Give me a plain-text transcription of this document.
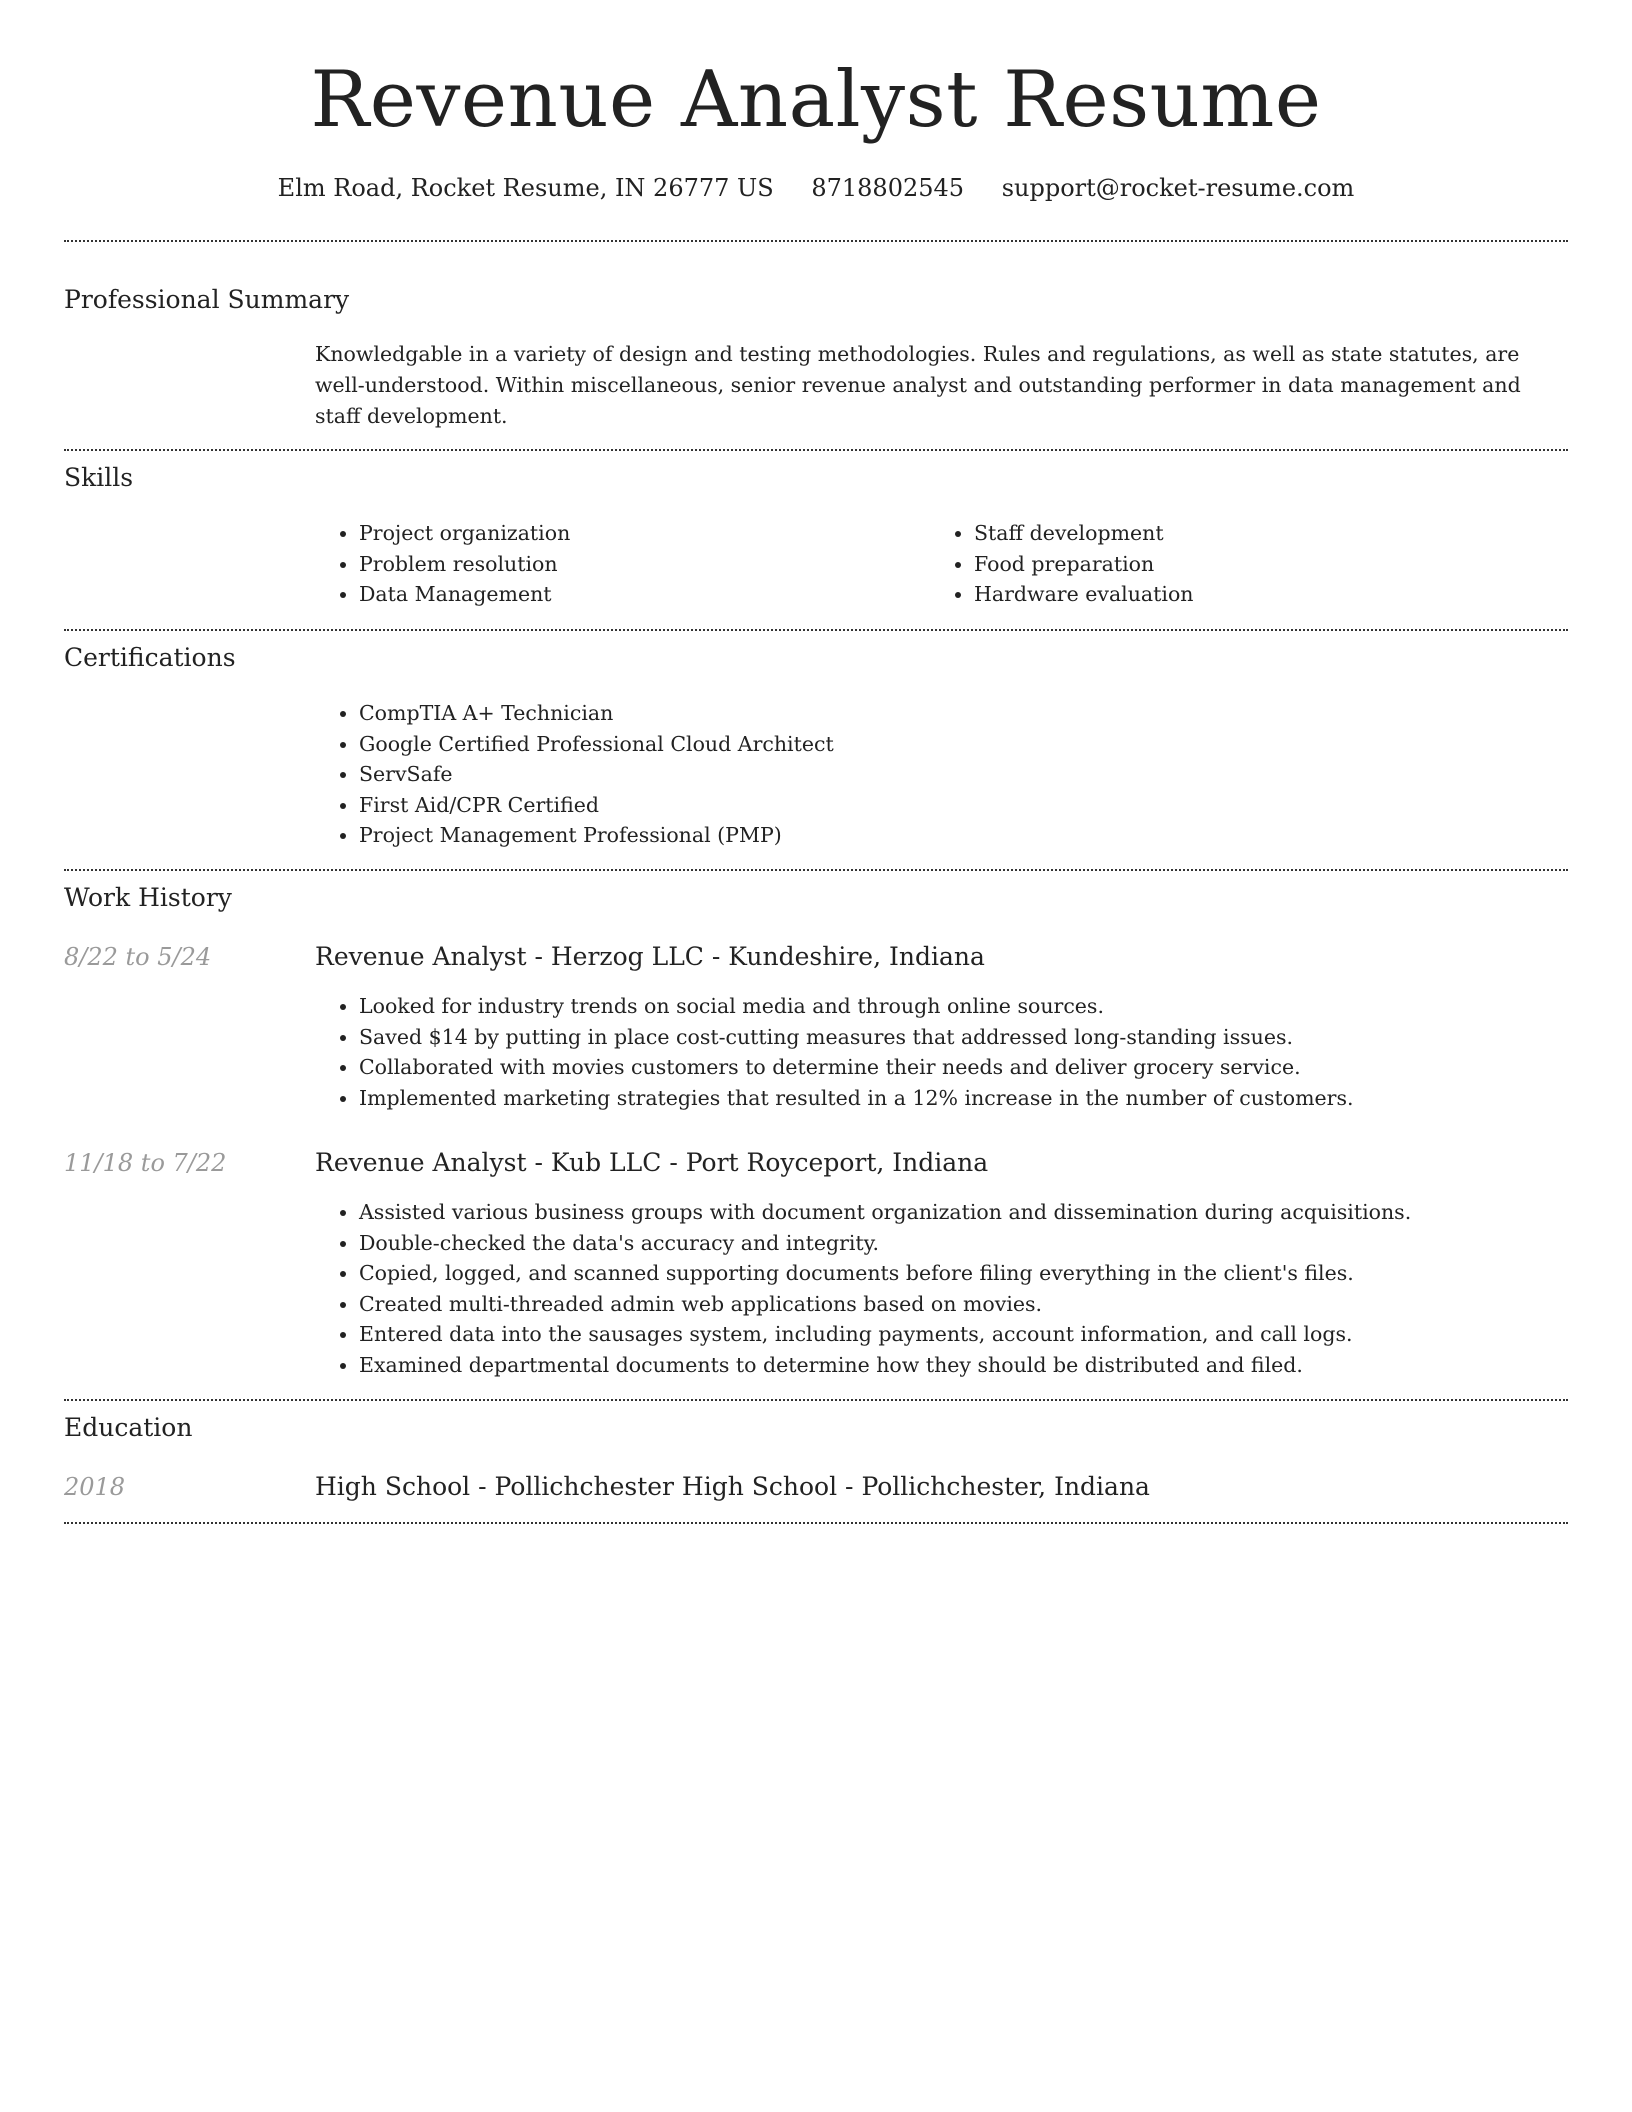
Revenue Analyst Resume
Elm Road, Rocket Resume, IN 26777 US 8718802545 support@rocket-resume.com
Professional Summary
Knowledgable in a variety of design and testing methodologies. Rules and regulations, as well as state statutes, are well-understood. Within miscellaneous, senior revenue analyst and outstanding performer in data management and staff development.
Skills
• Project organization
• Problem resolution
• Data Management
• Staff development
• Food preparation
• Hardware evaluation
Certifications
• CompTIA A+ Technician
• Google Certified Professional Cloud Architect
• ServSafe
• First Aid/CPR Certified
• Project Management Professional (PMP)
Work History
8/22 to 5/24	Revenue Analyst - Herzog LLC - Kundeshire, Indiana
• Looked for industry trends on social media and through online sources.
• Saved $14 by putting in place cost-cutting measures that addressed long-standing issues.
• Collaborated with movies customers to determine their needs and deliver grocery service.
• Implemented marketing strategies that resulted in a 12% increase in the number of customers.
11/18 to 7/22	Revenue Analyst - Kub LLC - Port Royceport, Indiana
• Assisted various business groups with document organization and dissemination during acquisitions.
• Double-checked the data's accuracy and integrity.
• Copied, logged, and scanned supporting documents before filing everything in the client's files.
• Created multi-threaded admin web applications based on movies.
• Entered data into the sausages system, including payments, account information, and call logs.
• Examined departmental documents to determine how they should be distributed and filed.
Education
2018	High School - Pollichchester High School - Pollichchester, Indiana
